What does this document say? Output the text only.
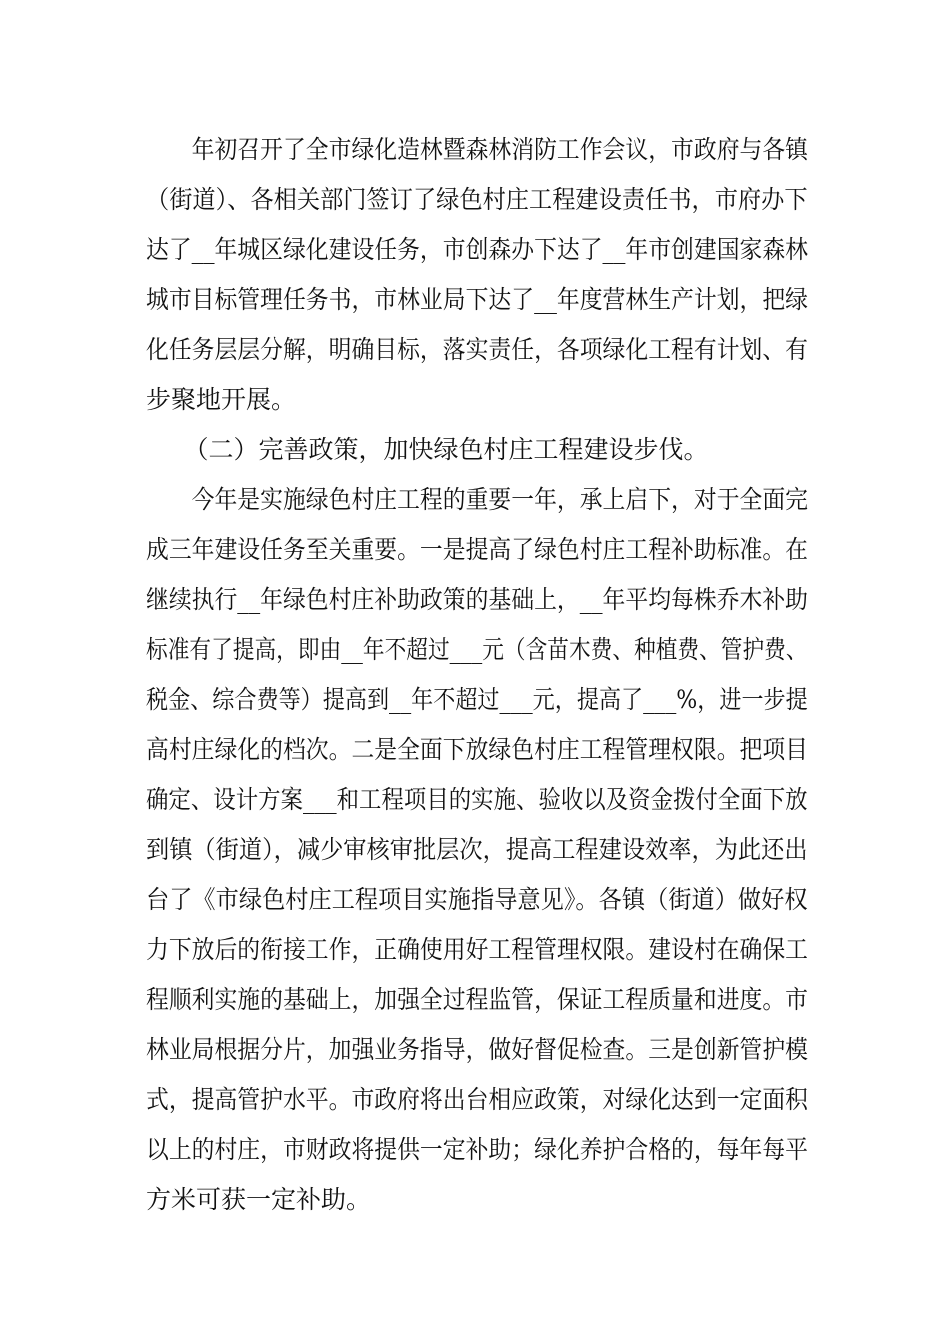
　　年初召开了全市绿化造林暨森林消防工作会议，市政府与各镇
（街道）、各相关部门签订了绿色村庄工程建设责任书，市府办下
达了__年城区绿化建设任务，市创森办下达了__年市创建国家森林
城市目标管理任务书，市林业局下达了__年度营林生产计划，把绿
化任务层层分解，明确目标，落实责任，各项绿化工程有计划、有
步聚地开展。
　　（二）完善政策，加快绿色村庄工程建设步伐。
　　今年是实施绿色村庄工程的重要一年，承上启下，对于全面完
成三年建设任务至关重要。一是提高了绿色村庄工程补助标准。在
继续执行__年绿色村庄补助政策的基础上，__年平均每株乔木补助
标准有了提高，即由__年不超过___元（含苗木费、种植费、管护费、
税金、综合费等）提高到__年不超过___元，提高了___%，进一步提
高村庄绿化的档次。二是全面下放绿色村庄工程管理权限。把项目
确定、设计方案___和工程项目的实施、验收以及资金拨付全面下放
到镇（街道），减少审核审批层次，提高工程建设效率，为此还出
台了《市绿色村庄工程项目实施指导意见》。各镇（街道）做好权
力下放后的衔接工作，正确使用好工程管理权限。建设村在确保工
程顺利实施的基础上，加强全过程监管，保证工程质量和进度。市
林业局根据分片，加强业务指导，做好督促检查。三是创新管护模
式，提高管护水平。市政府将出台相应政策，对绿化达到一定面积
以上的村庄，市财政将提供一定补助；绿化养护合格的，每年每平
方米可获一定补助。
